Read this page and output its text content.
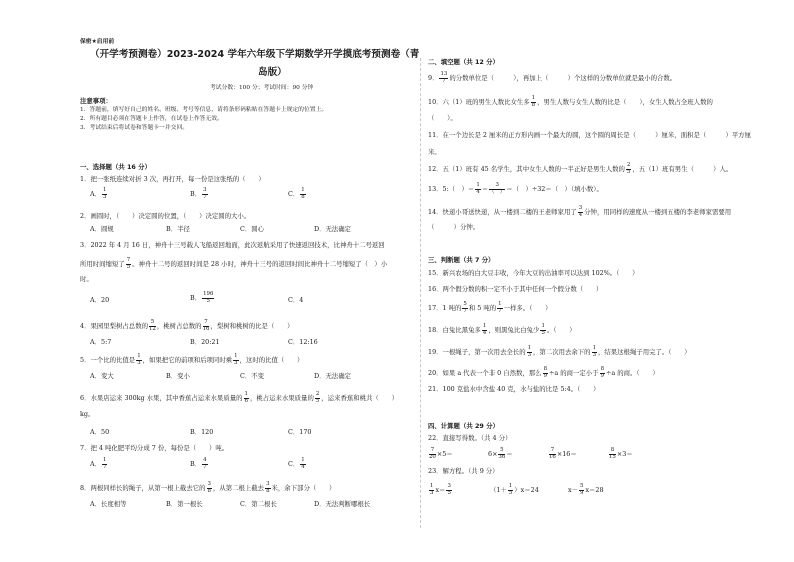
保密★启用前
（开学考预测卷）2023-2024 学年六年级下学期数学开学摸底考预测卷（青
岛版）
考试分数：100 分；考试时间：90 分钟
注意事项：
1．答题前，填写好自己的姓名、班级、考号等信息，请将条形码粘贴在答题卡上规定的位置上。
2．所有题目必须在答题卡上作答，在试卷上作答无效。
3．考试结束后将试卷和答题卡一并交回。
一、选择题（共 16 分）
1．把一张纸连续对折 3 次，再打开，每一份是这张纸的（　　）
A． $\frac{1}{3}$	B． $\frac{3}{7}$	C． $\frac{1}{8}$
2．画圆时，（　　）决定圆的位置，（　　）决定圆的大小。
A．圆规	B．半径	C．圆心	D．无法确定
3．2022 年 4 月 16 日，神舟十三号载人飞船返回地面，此次返航采用了快速返回技术，比神舟十二号返回
所用时间缩短了 $\frac{7}{5}$ 。神舟十二号的返回时间是 28 小时，神舟十三号的返回时间比神舟十二号缩短了（　）小
时。
A．20	B． $\frac{196}{5}$	C．4
4．果园里梨树占总数的 $\frac{5}{12}$ ，桃树占总数的 $\frac{7}{16}$ ，梨树和桃树的比是（　　）
A．5:7	B．20:21	C．12:16
5．一个比的比值是 $\frac{1}{3}$ ，如果把它的前项和后项同时乘 $\frac{1}{3}$ ，这时的比值（　　）
A．变大	B．变小	C．不变	D．无法确定
6．水果店运来 300kg 水果，其中香蕉占运来水果质量的 $\frac{1}{6}$ ，桃占运来水果质量的 $\frac{2}{5}$ ，运来香蕉和桃共（　　）
kg。
A．50	B．120	C．170
7．把 4 吨化肥平均分成 7 份，每份是（　　）吨。
A． $\frac{1}{7}$	B． $\frac{4}{7}$	C． $\frac{1}{4}$
8．两根同样长的绳子，从第一根上截去它的 $\frac{3}{8}$ ，从第二根上截去 $\frac{3}{8}$ 米，余下部分（　　）
A．长度相等	B．第一根长	C．第二根长	D．无法判断哪根长
二、填空题（共 12 分）
9． $\frac{13}{7}$ 的分数单位是（　　　），再加上（　　　）个这样的分数单位就是最小的合数。
10．六（1）班的男生人数比女生多 $\frac{1}{8}$ ，男生人数与女生人数的比是（　　），女生人数占全班人数的
（　　）。
11．在一个边长是 2 厘米的正方形内画一个最大的圆，这个圆的周长是（　　　）厘米，面积是（　　　）平方厘
米。
12．五（1）班有 45 名学生，其中女生人数的一半正好是男生人数的 $\frac{2}{5}$ ，五（1）班有男生（　　　）人。
13．5:（　）＝ $\frac{1}{4}$ ＝
3
（　） ＝（　）÷32＝（　）（填小数）。
14．快递小哥送快递，从一楼到二楼的王老师家用了 $\frac{3}{4}$ 分钟，用同样的速度从一楼到五楼的李老师家需要用
（　　　）分钟。
三、判断题（共 7 分）
15．新兴农场的白大豆丰收，今年大豆的出油率可以达到 102%。（　　）
16．两个假分数的积一定不小于其中任何一个假分数（　　）
17．1 吨的 $\frac{5}{7}$ 和 5 吨的 $\frac{1}{7}$ 一样多。（　　）
18．白兔比黑兔多 $\frac{1}{4}$ ，则黑兔比白兔少 $\frac{1}{5}$ 。（　　）
19．一根绳子，第一次用去全长的 $\frac{1}{3}$ ，第二次用去余下的 $\frac{1}{3}$ ，结果这根绳子用完了。（　　）
20．如果 a 代表一个非 0 自然数，那么 $\frac{8}{9} \div a$ 的商一定小于 $\frac{8}{9} \div a$ 的商。（　　）
21．100 克盐水中含盐 40 克，水与盐的比是 5:4。（　　）
四、计算题（共 29 分）
22．直接写得数。（共 4 分）
$\frac{7}{20} \times 5=$	$6\times \frac{5}{36}$ ＝	$\frac{7}{16} \times 16=$	$\frac{8}{15} \times 3=$
23．解方程。（共 9 分）
$\frac{1}{3} x= \frac{3}{5}$	$(1+ \frac{1}{5} )x=24$	$x- \frac{5}{9} x=28$
